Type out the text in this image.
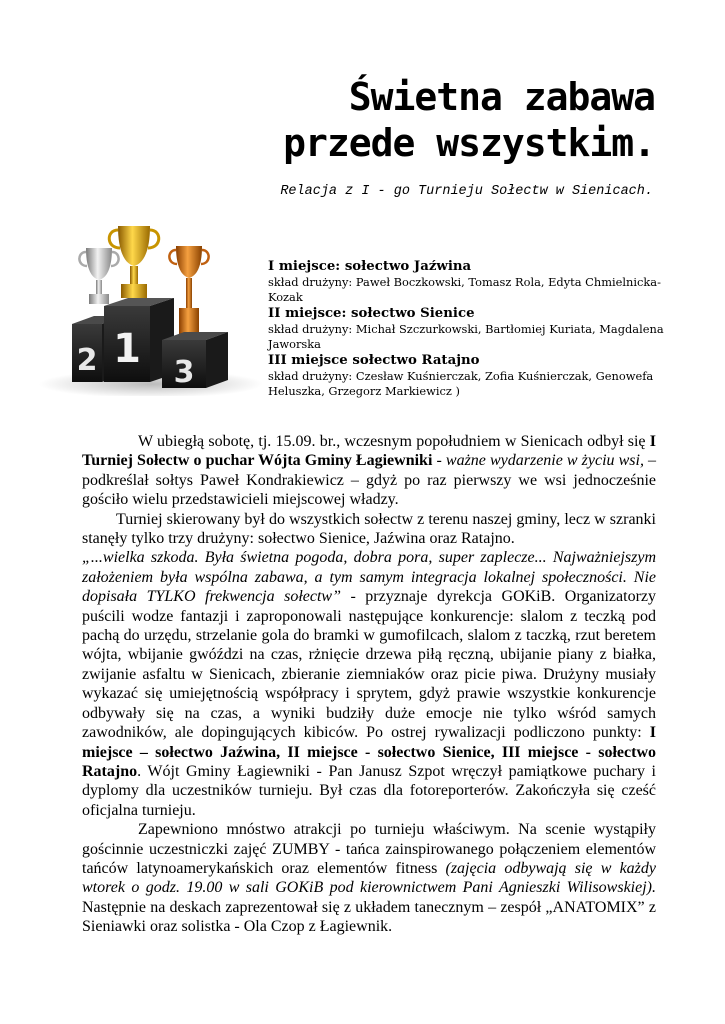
Świetna zabawa
przede wszystkim.
Relacja z I - go Turnieju Sołectw w Sienicach.
2 1
3
I miejsce: sołectwo Jaźwina
skład drużyny: Paweł Boczkowski, Tomasz Rola, Edyta Chmielnicka-Kozak
II miejsce: sołectwo Sienice
skład drużyny: Michał Szczurkowski, Bartłomiej Kuriata, Magdalena Jaworska
III miejsce sołectwo Ratajno
skład drużyny: Czesław Kuśnierczak, Zofia Kuśnierczak, Genowefa Heluszka, Grzegorz Markiewicz )

W ubiegłą sobotę, tj. 15.09. br., wczesnym popołudniem w Sienicach odbył się I Turniej Sołectw o puchar Wójta Gminy Łagiewniki - ważne wydarzenie w życiu wsi, – podkreślał sołtys Paweł Kondrakiewicz – gdyż po raz pierwszy we wsi jednocześnie gościło wielu przedstawicieli miejscowej władzy.

Turniej skierowany był do wszystkich sołectw z terenu naszej gminy, lecz w szranki stanęły tylko trzy drużyny: sołectwo Sienice, Jaźwina oraz Ratajno.

„...wielka szkoda. Była świetna pogoda, dobra pora, super zaplecze... Najważniejszym założeniem była wspólna zabawa, a tym samym integracja lokalnej społeczności. Nie dopisała TYLKO frekwencja sołectw” - przyznaje dyrekcja GOKiB. Organizatorzy puścili wodze fantazji i zaproponowali następujące konkurencje: slalom z teczką pod pachą do urzędu, strzelanie gola do bramki w gumofilcach, slalom z taczką, rzut beretem wójta, wbijanie gwóździ na czas, rżnięcie drzewa piłą ręczną, ubijanie piany z białka, zwijanie asfaltu w Sienicach, zbieranie ziemniaków oraz picie piwa. Drużyny musiały wykazać się umiejętnością współpracy i sprytem, gdyż prawie wszystkie konkurencje odbywały się na czas, a wyniki budziły duże emocje nie tylko wśród samych zawodników, ale dopingujących kibiców. Po ostrej rywalizacji podliczono punkty: I miejsce – sołectwo Jaźwina, II miejsce - sołectwo Sienice, III miejsce - sołectwo Ratajno. Wójt Gminy Łagiewniki - Pan Janusz Szpot wręczył pamiątkowe puchary i dyplomy dla uczestników turnieju. Był czas dla fotoreporterów. Zakończyła się cześć oficjalna turnieju.

Zapewniono mnóstwo atrakcji po turnieju właściwym. Na scenie wystąpiły gościnnie uczestniczki zajęć ZUMBY - tańca zainspirowanego połączeniem elementów tańców latynoamerykańskich oraz elementów fitness (zajęcia odbywają się w każdy wtorek o godz. 19.00 w sali GOKiB pod kierownictwem Pani Agnieszki Wilisowskiej). Następnie na deskach zaprezentował się z układem tanecznym – zespół „ANATOMIX” z Sieniawki oraz solistka - Ola Czop z Łagiewnik.
